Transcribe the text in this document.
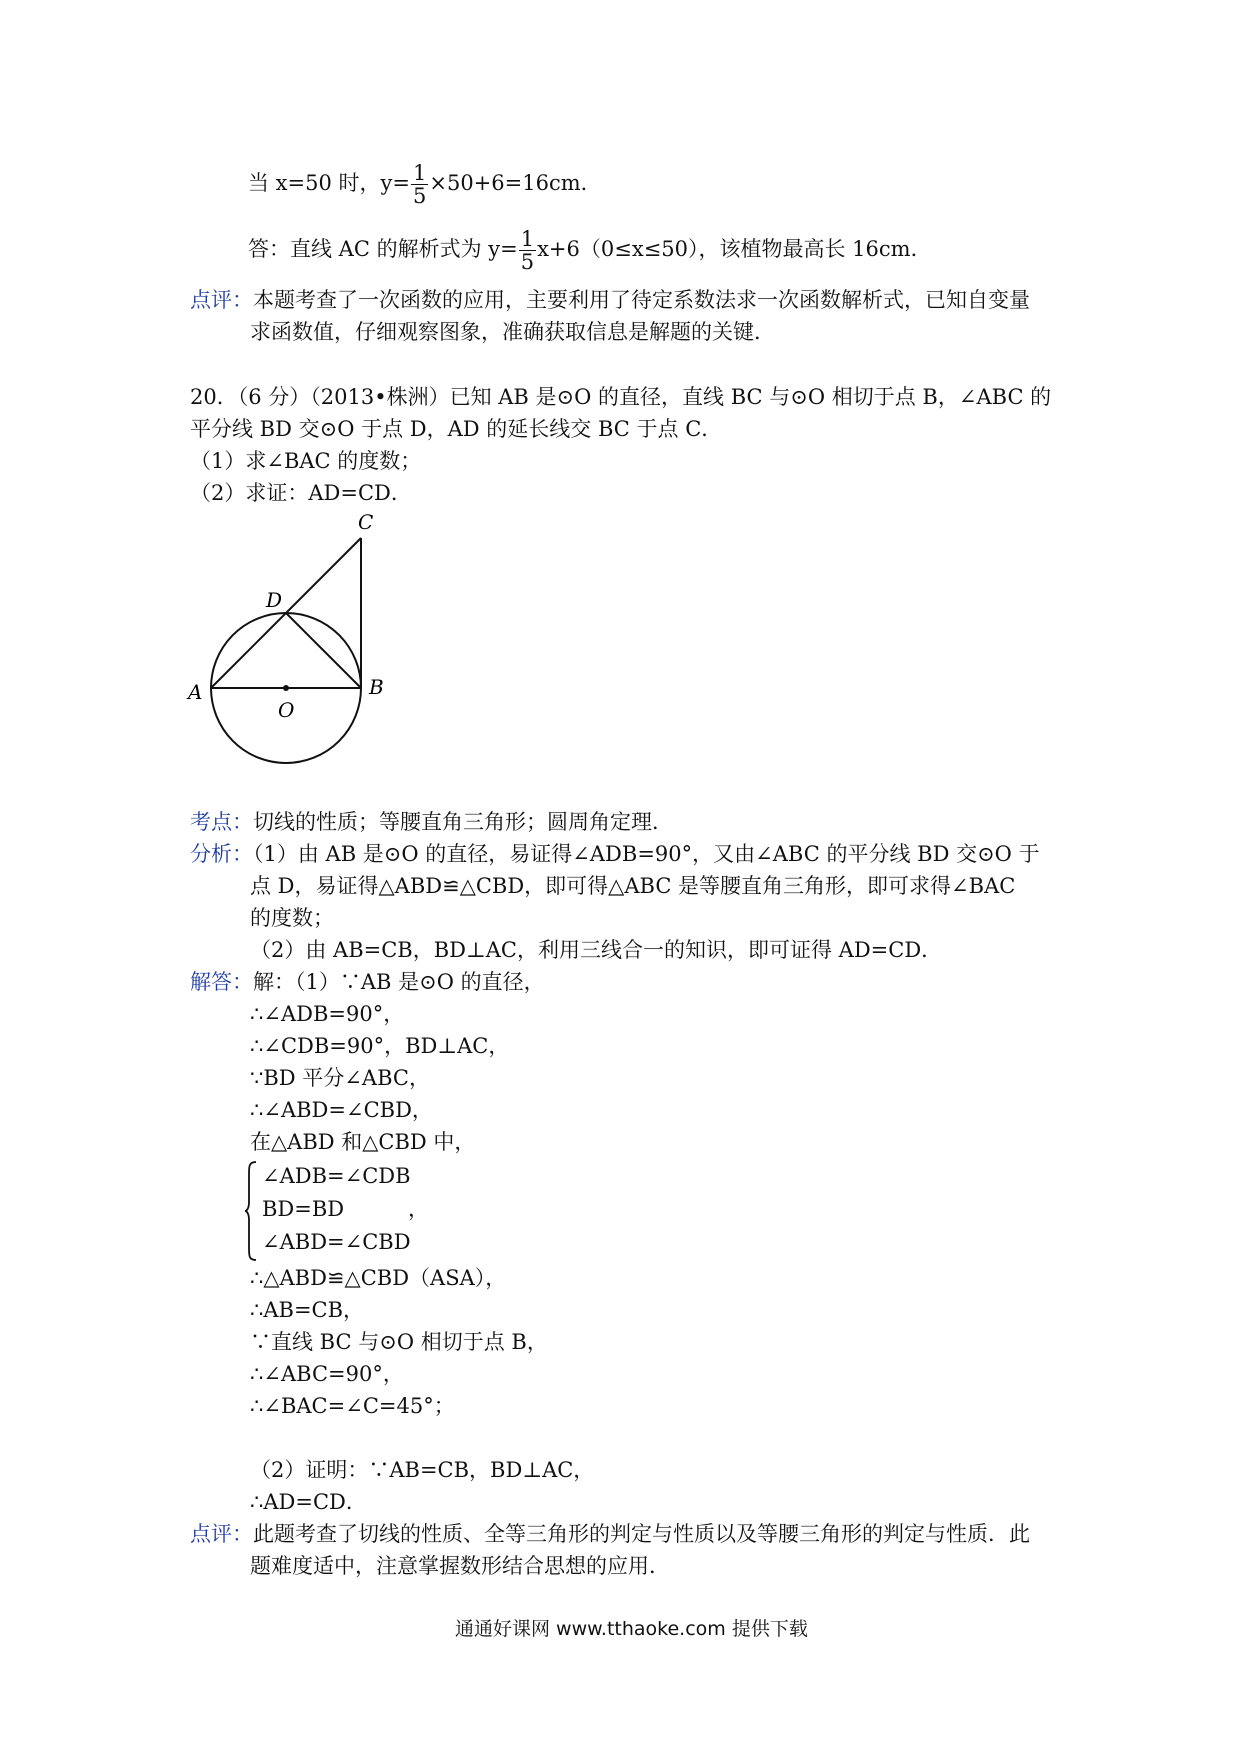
当 x=50 时，$y= \frac{1}{5} \times 50+6=16cm$．
答：直线 AC 的解析式为 $y= \frac{1}{5} x+6(0\le x\le 50)$，该植物最高长 16cm．
点评：本题考查了一次函数的应用，主要利用了待定系数法求一次函数解析式，已知自变量
求函数值，仔细观察图象，准确获取信息是解题的关键．
20．（6 分）（2013•株洲）已知 AB 是⊙O 的直径，直线 BC 与⊙O 相切于点 B，∠ABC 的
平分线 BD 交⊙O 于点 D，AD 的延长线交 BC 于点 C．
（1）求∠BAC 的度数；
（2）求证：AD=CD．
A	B
C
D
O
考点：切线的性质；等腰直角三角形；圆周角定理．
分析：（1）由 AB 是⊙O 的直径，易证得∠ADB=90°，又由∠ABC 的平分线 BD 交⊙O 于
点 D，易证得△ABD≌△CBD，即可得△ABC 是等腰直角三角形，即可求得∠BAC
的度数；
（2）由 AB=CB，BD⊥AC，利用三线合一的知识，即可证得 AD=CD．
解答：解：（1）∵AB 是⊙O 的直径，
∴∠ADB=90°，
∴∠CDB=90°，BD⊥AC，
∵BD 平分∠ABC，
∴∠ABD=∠CBD，
在△ABD 和△CBD 中，
∠ADB=∠CDB
BD=BD	，
∠ABD=∠CBD
∴△ABD≌△CBD（ASA），
∴AB=CB，
∵直线 BC 与⊙O 相切于点 B，
∴∠ABC=90°，
∴∠BAC=∠C=45°；
（2）证明：∵AB=CB，BD⊥AC，
∴AD=CD．
点评：此题考查了切线的性质、全等三角形的判定与性质以及等腰三角形的判定与性质．此
题难度适中，注意掌握数形结合思想的应用．
通通好课网 www.tthaoke.com 提供下载
